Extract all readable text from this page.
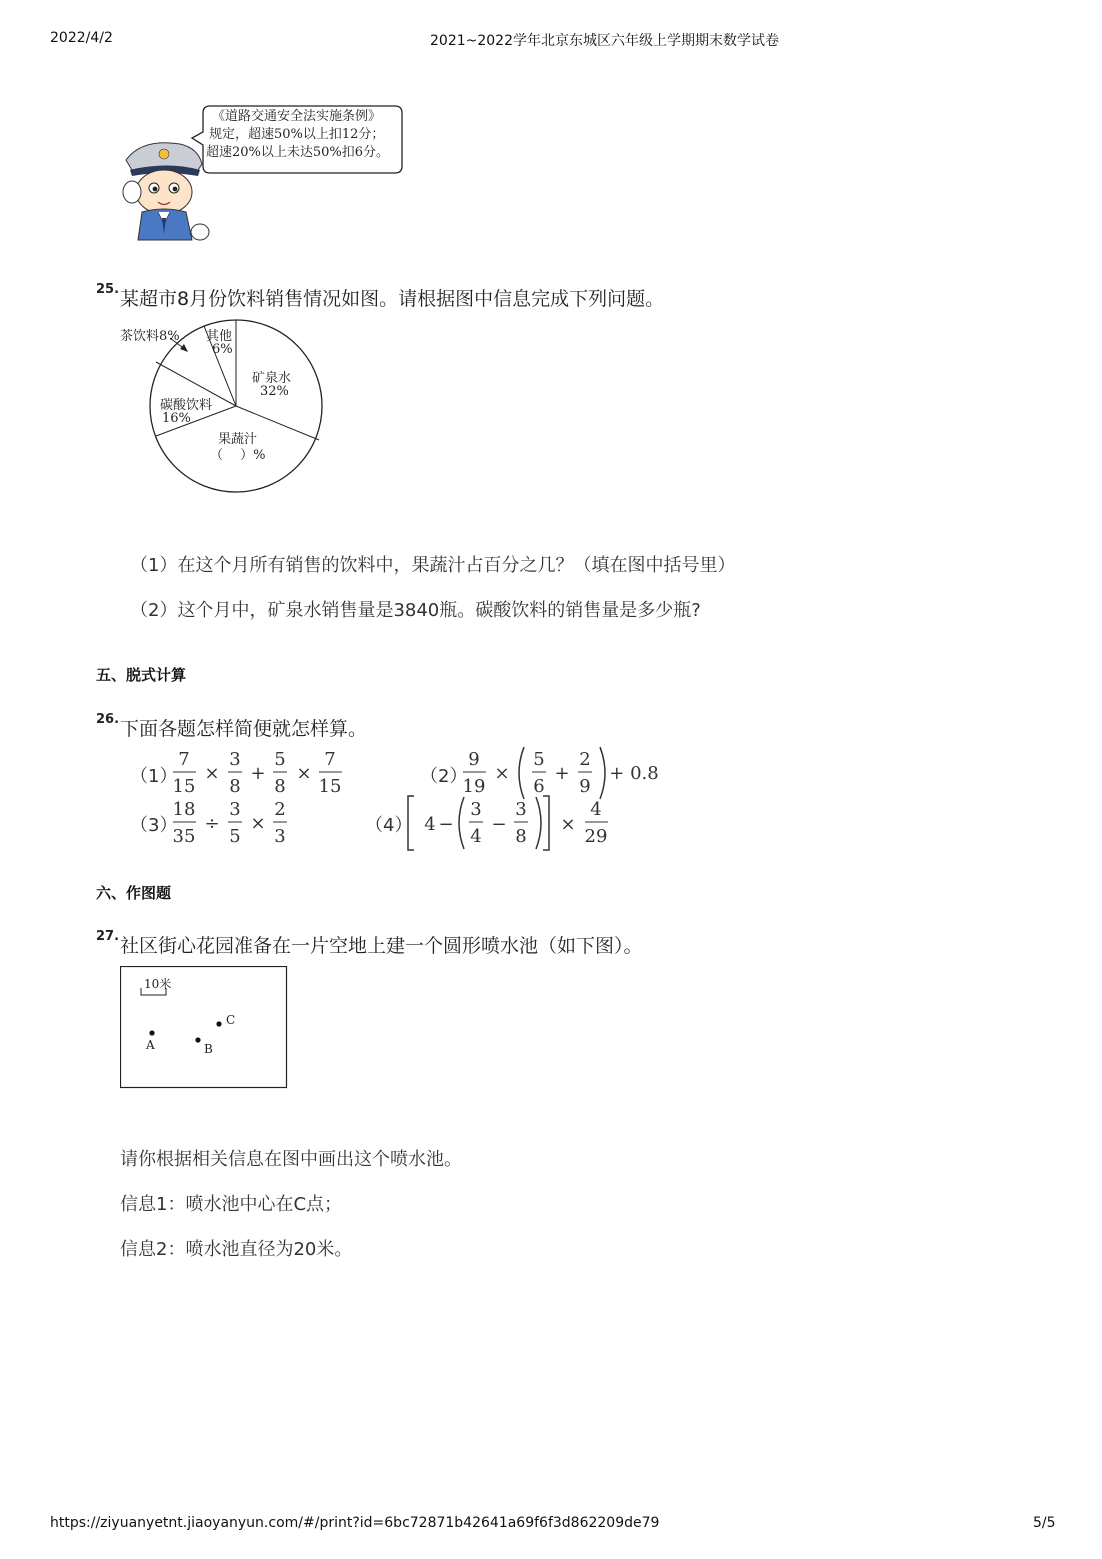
2022/4/2	2021~2022学年北京东城区六年级上学期期末数学试卷
《道路交通安全法实施条例》
规定，超速50%以上扣12分；
超速20%以上未达50%扣6分。
25. 某超市8月份饮料销售情况如图。请根据图中信息完成下列问题。
茶饮料8% 其他
6%
矿泉水
32%
碳酸饮料
16%
果蔬汁
（　 ）%
（1）在这个月所有销售的饮料中，果蔬汁占百分之几？（填在图中括号里）
（2）这个月中，矿泉水销售量是3840瓶。碳酸饮料的销售量是多少瓶?
五、脱式计算
26. 下面各题怎样简便就怎样算。
（1）	（2）
（3）	（4）
7
15
×
3
8
+
5
8
×
7
15
9
19
×
5
6
+
2
9
+ 0.8
18
35
÷
3
5
×
2
3
4 −
3
4
−
3
8
×
4
29
六、作图题
27. 社区街心花园准备在一片空地上建一个圆形喷水池（如下图）。
10米
A	B
C
请你根据相关信息在图中画出这个喷水池。
信息1：喷水池中心在C点；
信息2：喷水池直径为20米。
https://ziyuanyetnt.jiaoyanyun.com/#/print?id=6bc72871b42641a69f6f3d862209de79	5/5
